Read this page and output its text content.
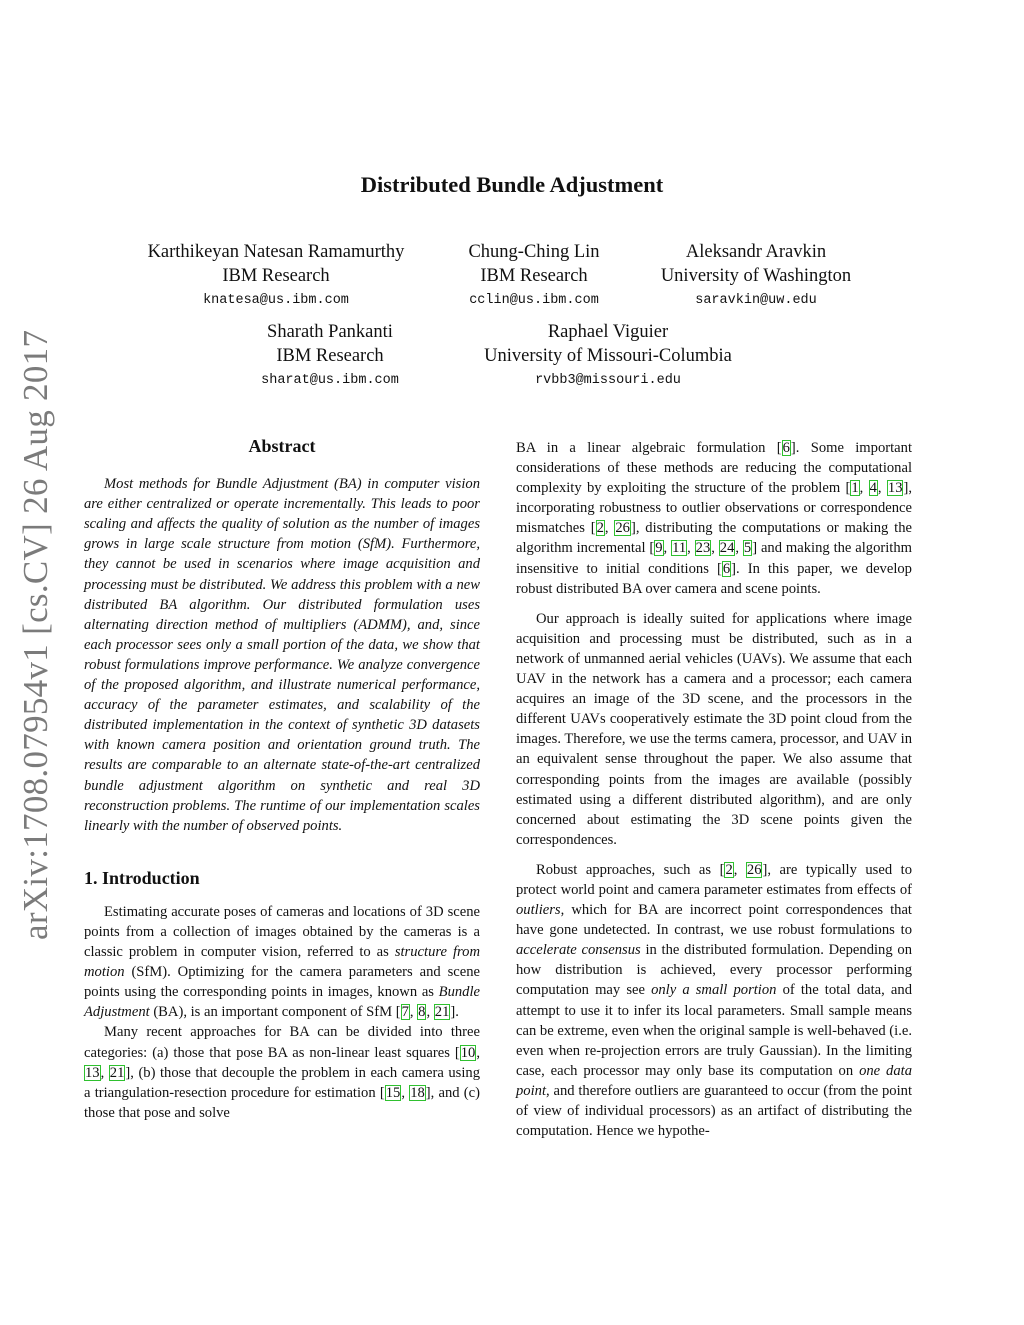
arXiv:1708.07954v1 [cs.CV] 26 Aug 2017
Distributed Bundle Adjustment
Karthikeyan Natesan Ramamurthy
IBM Research
knatesa@us.ibm.com
Chung-Ching Lin
IBM Research
cclin@us.ibm.com
Aleksandr Aravkin
University of Washington
saravkin@uw.edu
Sharath Pankanti
IBM Research
sharat@us.ibm.com
Raphael Viguier
University of Missouri-Columbia
rvbb3@missouri.edu
Abstract

Most methods for Bundle Adjustment (BA) in computer vision are either centralized or operate incrementally. This leads to poor scaling and affects the quality of solution as the number of images grows in large scale structure from motion (SfM). Furthermore, they cannot be used in scenarios where image acquisition and processing must be distributed. We address this problem with a new distributed BA algorithm. Our distributed formulation uses alternating direction method of multipliers (ADMM), and, since each processor sees only a small portion of the data, we show that robust formulations improve performance. We analyze convergence of the proposed algorithm, and illustrate numerical performance, accuracy of the parameter estimates, and scalability of the distributed implementation in the context of synthetic 3D datasets with known camera position and orientation ground truth. The results are comparable to an alternate state-of-the-art centralized bundle adjustment algorithm on synthetic and real 3D reconstruction problems. The runtime of our implementation scales linearly with the number of observed points.

1. Introduction

Estimating accurate poses of cameras and locations of 3D scene points from a collection of images obtained by the cameras is a classic problem in computer vision, referred to as structure from motion (SfM). Optimizing for the camera parameters and scene points using the corresponding points in images, known as Bundle Adjustment (BA), is an important component of SfM [7, 8, 21].

Many recent approaches for BA can be divided into three categories: (a) those that pose BA as non-linear least squares [10, 13, 21], (b) those that decouple the problem in each camera using a triangulation-resection procedure for estimation [15, 18], and (c) those that pose and solve

BA in a linear algebraic formulation [6]. Some important considerations of these methods are reducing the computational complexity by exploiting the structure of the problem [1, 4, 13], incorporating robustness to outlier observations or correspondence mismatches [2, 26], distributing the computations or making the algorithm incremental [9, 11, 23, 24, 5] and making the algorithm insensitive to initial conditions [6]. In this paper, we develop robust distributed BA over camera and scene points.

Our approach is ideally suited for applications where image acquisition and processing must be distributed, such as in a network of unmanned aerial vehicles (UAVs). We assume that each UAV in the network has a camera and a processor; each camera acquires an image of the 3D scene, and the processors in the different UAVs cooperatively estimate the 3D point cloud from the images. Therefore, we use the terms camera, processor, and UAV in an equivalent sense throughout the paper. We also assume that corresponding points from the images are available (possibly estimated using a different distributed algorithm), and are only concerned about estimating the 3D scene points given the correspondences.

Robust approaches, such as [2, 26], are typically used to protect world point and camera parameter estimates from effects of outliers, which for BA are incorrect point correspondences that have gone undetected. In contrast, we use robust formulations to accelerate consensus in the distributed formulation. Depending on how distribution is achieved, every processor performing computation may see only a small portion of the total data, and attempt to use it to infer its local parameters. Small sample means can be extreme, even when the original sample is well-behaved (i.e. even when re-projection errors are truly Gaussian). In the limiting case, each processor may only base its computation on one data point, and therefore outliers are guaranteed to occur (from the point of view of individual processors) as an artifact of distributing the computation. Hence we hypothe-
